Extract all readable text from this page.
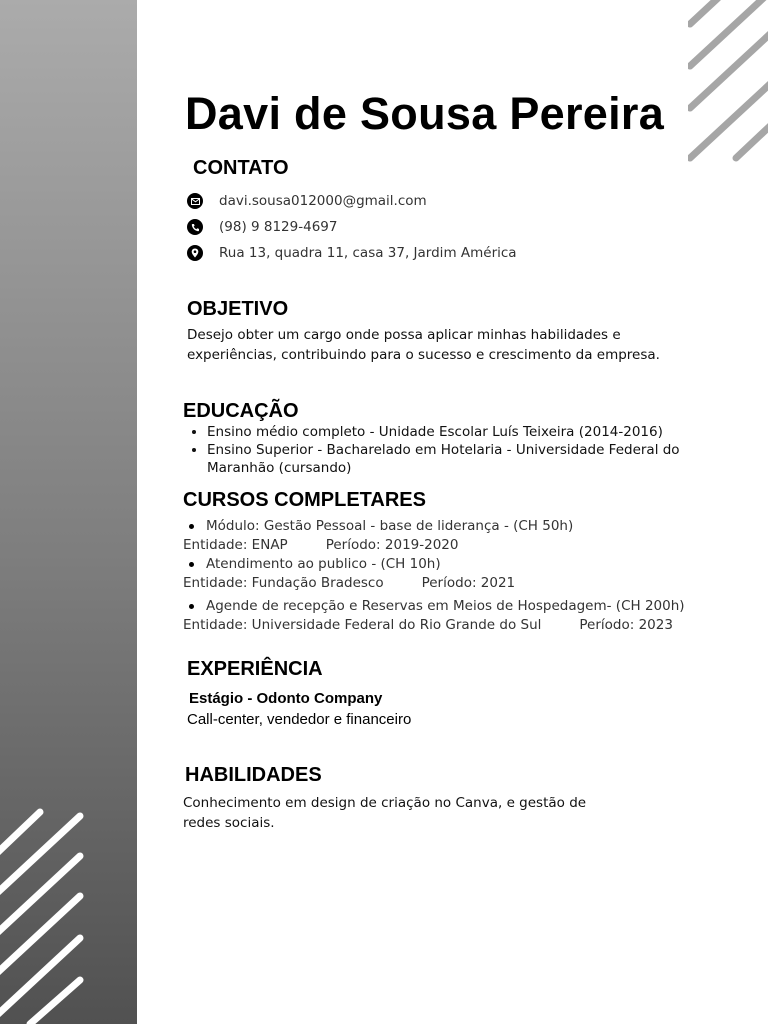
Davi de Sousa Pereira
CONTATO
davi.sousa012000@gmail.com
(98) 9 8129-4697
Rua 13, quadra 11, casa 37, Jardim América
OBJETIVO
Desejo obter um cargo onde possa aplicar minhas habilidades e experiências, contribuindo para o sucesso e crescimento da empresa.
EDUCAÇÃO
• Ensino médio completo - Unidade Escolar Luís Teixeira (2014-2016)
• Ensino Superior - Bacharelado em Hotelaria - Universidade Federal do Maranhão (cursando)
CURSOS COMPLETARES
Módulo: Gestão Pessoal - base de liderança - (CH 50h)
Entidade: ENAP	Período: 2019-2020
Atendimento ao publico - (CH 10h)
Entidade: Fundação Bradesco	Período: 2021
Agende de recepção e Reservas em Meios de Hospedagem- (CH 200h)
Entidade: Universidade Federal do Rio Grande do Sul	Período: 2023
EXPERIÊNCIA
Estágio - Odonto Company
Call-center, vendedor e financeiro
HABILIDADES
Conhecimento em design de criação no Canva, e gestão de redes sociais.
